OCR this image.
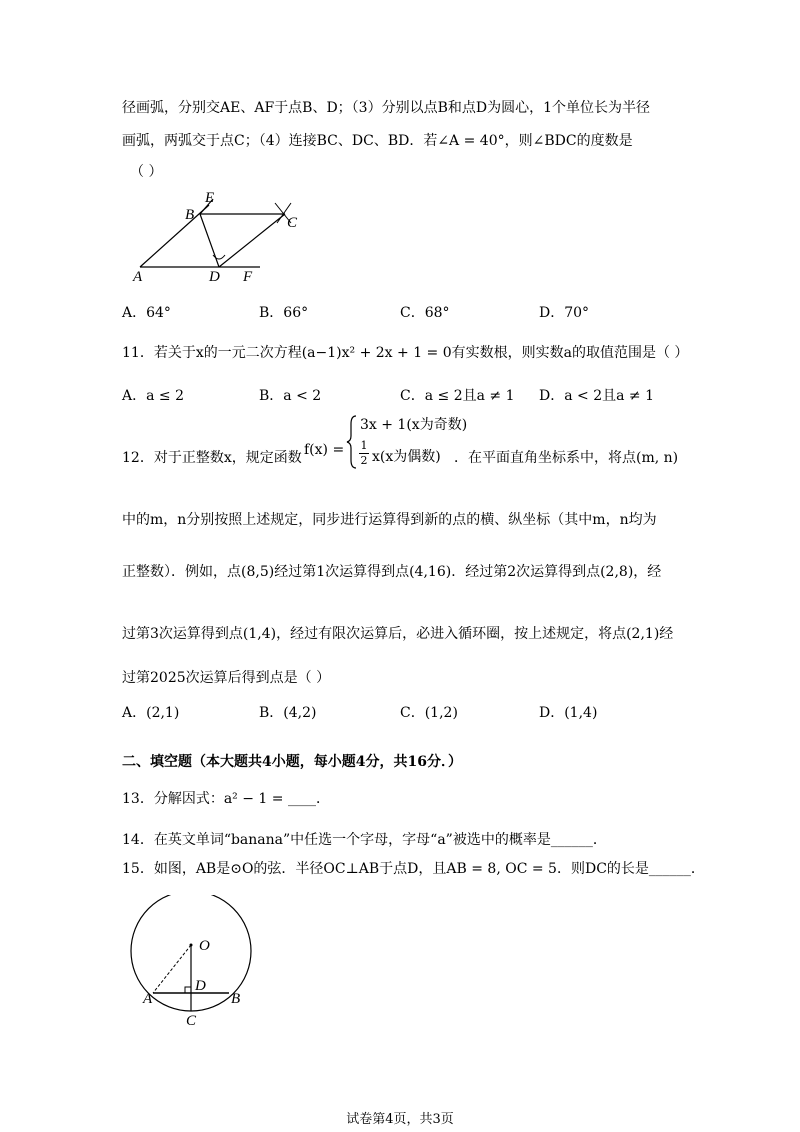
径画弧，分别交AE、AF于点B、D；（3）分别以点B和点D为圆心，1个单位长为半径
画弧，两弧交于点C；（4）连接BC、DC、BD．若∠A = 40°，则∠BDC的度数是
（ ）
E
B	C
A	D F
A．64°	B．66°	C．68°	D．70°
11．若关于x的一元二次方程(a−1)x² + 2x + 1 = 0有实数根，则实数a的取值范围是（ ）
A．a ≤ 2	B．a < 2	C．a ≤ 2且a ≠ 1 D．a < 2且a ≠ 1
12．对于正整数x，规定函数 f(x) =
3x + 1(x为奇数)
1
2 x(x为偶数) ．在平面直角坐标系中，将点(m, n)
中的m，n分别按照上述规定，同步进行运算得到新的点的横、纵坐标（其中m，n均为
正整数）．例如，点(8,5)经过第1次运算得到点(4,16)．经过第2次运算得到点(2,8)，经
过第3次运算得到点(1,4)，经过有限次运算后，必进入循环圈，按上述规定，将点(2,1)经
过第2025次运算后得到点是（ ）
A．(2,1)	B．(4,2)	C．(1,2)	D．(1,4)
二、填空题（本大题共4小题，每小题4分，共16分．）
13．分解因式：a² − 1 = ____．
14．在英文单词“banana”中任选一个字母，字母“a”被选中的概率是______．
15．如图，AB是⊙O的弦．半径OC⊥AB于点D，且AB = 8, OC = 5．则DC的长是______．
O
D
A	B
C
试卷第4页，共3页
